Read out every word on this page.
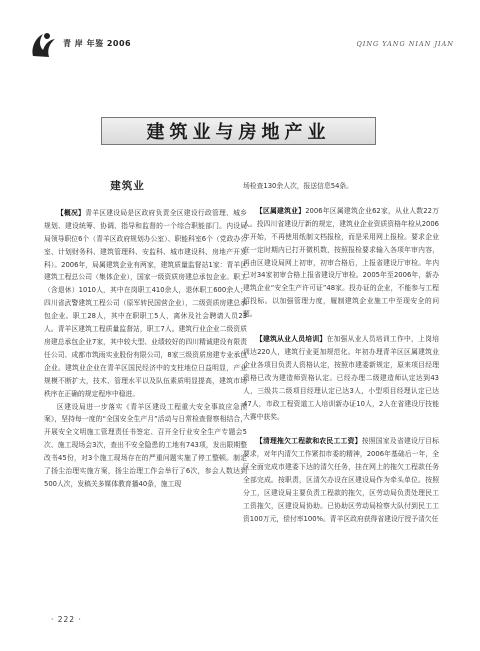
青 岸 年鉴 2006	QING YANG NIAN JIAN
建筑业与房地产业
建筑业

【概况】青羊区建设局是区政府负责全区建设行政管理、城乡规划、建设统筹、协调、指导和监督的一个综合职能部门。内设局局领导职位6个（青羊区政府规划办公室）、职能科室6个（党政办公室、计划财务科、建筑管理科、安监科、城市建设科、房地产开发科）。2006年，局属建筑企业有两家，建筑质量监督站1家：青羊区建筑工程总公司（集体企业），国家一级资质房建总承包企业。职工（含退休）1010人，其中在岗职工410余人，退休职工600余人；四川省武警建筑工程公司（原军转民国营企业），二级资质房建总承包企业。职工28人，其中在职职工5人，离休及社会聘请人员23人。青羊区建筑工程质量监督站，职工7人。建筑行业企业二级资质房建总承包企业7家，其中较大型、业绩较好的四川精诚建设有限责任公司、成都市筑雨实业股份有限公司，8家三级资质房建专业承包企业。建筑业企业在青羊区国民经济中的支柱地位日益明显，产业规模不断扩大，技术、管理水平以及队伍素质明显提高，建筑市场秩序在正确的规定程序中稳进。

区建设局进一步落实《青羊区建设工程重大安全事故应急预案》，坚持每一度的“全国安全生产月”活动与日常检查督察相结合，开展安全文明施工管理责任书签定、召开全行业安全生产专题会5次、施工现场会3次，查出不安全隐患的工地有743项，发出限期整改书45份，对3个施工现场存在的严重问题实施了停工整顿。制定了扬尘治理实施方案，扬尘治理工作会举行了6次，参会人数达到500人次，发稿关多媒体教育播40条，施工现

场检查130余人次，报送信息54条。

【区属建筑业】2006年区属建筑企业62家，从业人数22万人。投四川省建设厅新的规定，建筑业企业资质资格年检从2006年开始，不再使用纸制文档报检，而是采用网上报检。要求企业在一定时期内已打开微机数，按照报检要求输入各项年审内容，再由区建设局网上初审，初审合格后，上报省建设厅审检。年内已对34家初审合格上报省建设厅审检。2005年至2006年，新办建筑企业“安全生产许可证”48家。投办证的企业，不能参与工程招投标。以加强管理力度，履制建筑企业施工中至现安全的问题。

【建筑从业人员培训】在加强从业人员培训工作中，上岗培训达220人，建筑行业更加规范化。年初办理青羊区区属建筑业企业各项目负责人资格认定，按照市建委新规定，原来项目经理资格已改为建造师资格认定。已经办理二级建造师认定达到43人，三级共二级项目经理认定已达3人，小型项目经理认定已达47人，市政工程资道工人培训新办证10人，2人在省建设厅技能大赛中获奖。

【清理拖欠工程款和农民工工资】按照国家及省建设厅目标要求，对年内清欠工作紧扣市委的精神，2006年基础后一年，全区全面完成市建委下达的清欠任务，挂在网上的拖欠工程款任务全部完成。按职责，区清欠办设在区建设局作为牵头单位。按照分工，区建设局主要负责工程款的拖欠，区劳动局负责处理民工工资拖欠，区建设局协助。已协助区劳动局检察大队付到民工工资100万元，偿付率100%。青羊区政府获得省建设厅授予清欠任

· 222 ·
